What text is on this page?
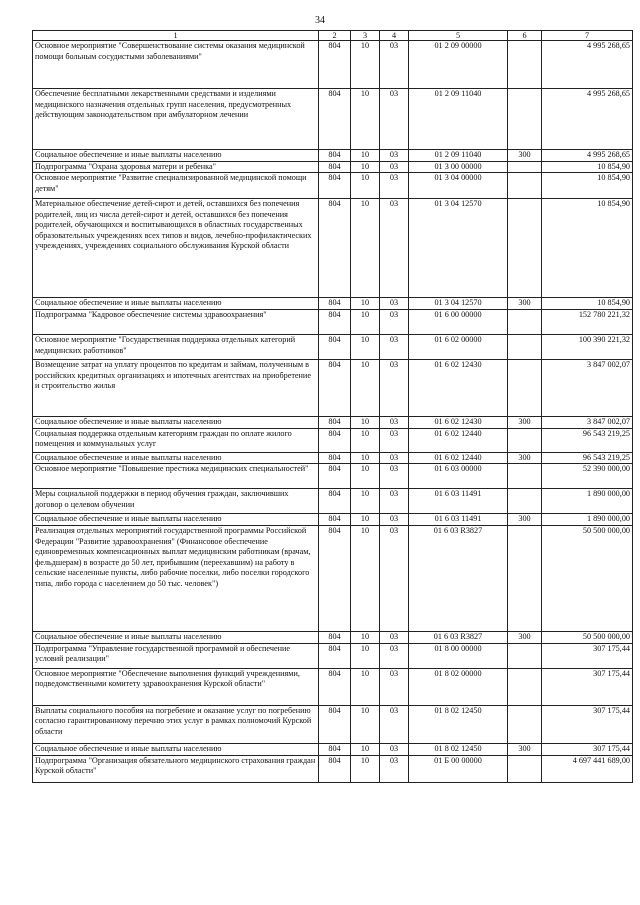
34
1	2	3	4	5	6	7
Основное мероприятие "Совершенствование системы оказания медицинской помощи больным сосудистыми заболеваниями"	804	10	03	01 2 09 00000		4 995 268,65
Обеспечение бесплатными лекарственными средствами и изделиями медицинского назначения отдельных групп населения, предусмотренных действующим законодательством при амбулаторном лечении	804	10	03	01 2 09 11040		4 995 268,65
Социальное обеспечение и иные выплаты населению	804	10	03	01 2 09 11040	300	4 995 268,65
Подпрограмма "Охрана здоровья матери и ребенка"	804	10	03	01 3 00 00000		10 854,90
Основное мероприятие "Развитие специализированной медицинской помощи детям"	804	10	03	01 3 04 00000		10 854,90
Материальное обеспечение детей-сирот и детей, оставшихся без попечения родителей, лиц из числа детей-сирот и детей, оставшихся без попечения родителей, обучающихся и воспитывающихся в областных государственных образовательных учреждениях всех типов и видов, лечебно-профилактических учреждениях, учреждениях социального обслуживания Курской области	804	10	03	01 3 04 12570		10 854,90
Социальное обеспечение и иные выплаты населению	804	10	03	01 3 04 12570	300	10 854,90
Подпрограмма "Кадровое обеспечение системы здравоохранения"	804	10	03	01 6 00 00000		152 780 221,32
Основное мероприятие "Государственная поддержка отдельных категорий медицинских работников"	804	10	03	01 6 02 00000		100 390 221,32
Возмещение затрат на уплату процентов по кредитам и займам, полученным в российских кредитных организациях и ипотечных агентствах на приобретение и строительство жилья	804	10	03	01 6 02 12430		3 847 002,07
Социальное обеспечение и иные выплаты населению	804	10	03	01 6 02 12430	300	3 847 002,07
Социальная поддержка отдельным категориям граждан по оплате жилого помещения и коммунальных услуг	804	10	03	01 6 02 12440		96 543 219,25
Социальное обеспечение и иные выплаты населению	804	10	03	01 6 02 12440	300	96 543 219,25
Основное мероприятие "Повышение престижа медицинских специальностей"	804	10	03	01 6 03 00000		52 390 000,00
Меры социальной поддержки в период обучения граждан, заключивших договор о целевом обучении	804	10	03	01 6 03 11491		1 890 000,00
Социальное обеспечение и иные выплаты населению	804	10	03	01 6 03 11491	300	1 890 000,00
Реализация отдельных мероприятий государственной программы Российской Федерации "Развитие здравоохранения" (Финансовое обеспечение единовременных компенсационных выплат медицинским работникам (врачам, фельдшерам) в возрасте до 50 лет, прибывшим (переехавшим) на работу в сельские населенные пункты, либо рабочие поселки, либо поселки городского типа, либо города с населением до 50 тыс. человек")	804	10	03	01 6 03 R3827		50 500 000,00
Социальное обеспечение и иные выплаты населению	804	10	03	01 6 03 R3827	300	50 500 000,00
Подпрограмма "Управление государственной программой и обеспечение условий реализации"	804	10	03	01 8 00 00000		307 175,44
Основное мероприятие "Обеспечение выполнения функций учреждениями, подведомственными комитету здравоохранения Курской области"	804	10	03	01 8 02 00000		307 175,44
Выплаты социального пособия на погребение и оказание услуг по погребению согласно гарантированному перечню этих услуг в рамках полномочий Курской области	804	10	03	01 8 02 12450		307 175,44
Социальное обеспечение и иные выплаты населению	804	10	03	01 8 02 12450	300	307 175,44
Подпрограмма "Организация обязательного медицинского страхования граждан Курской области"	804	10	03	01 Б 00 00000		4 697 441 689,00
